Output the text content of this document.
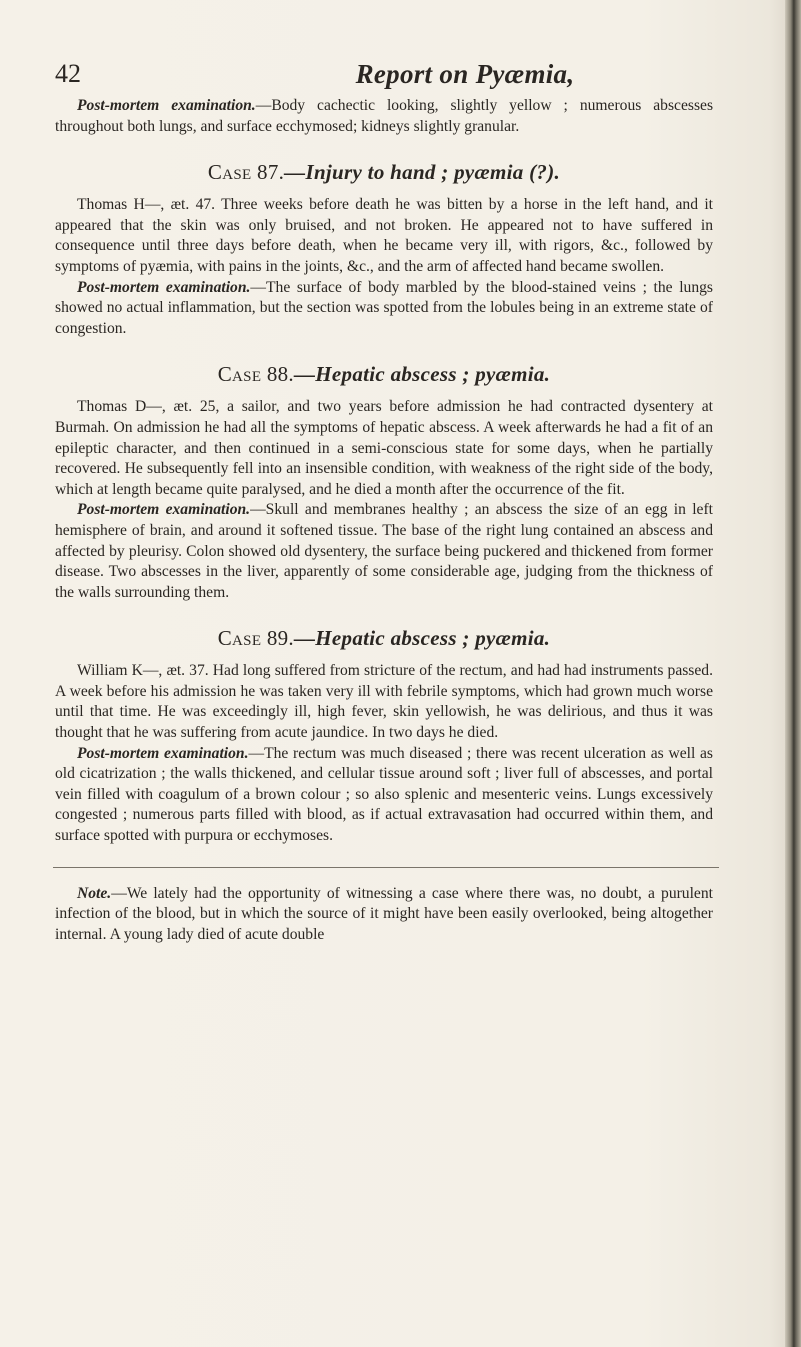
42	Report on Pyæmia,

Post-mortem examination.—Body cachectic looking, slightly yellow ; numerous abscesses throughout both lungs, and surface ecchymosed; kidneys slightly granular.

Case 87.—Injury to hand ; pyæmia (?).

Thomas H—, æt. 47. Three weeks before death he was bitten by a horse in the left hand, and it appeared that the skin was only bruised, and not broken. He appeared not to have suffered in consequence until three days before death, when he became very ill, with rigors, &c., followed by symptoms of pyæmia, with pains in the joints, &c., and the arm of affected hand became swollen.

Post-mortem examination.—The surface of body marbled by the blood-stained veins ; the lungs showed no actual inflammation, but the section was spotted from the lobules being in an extreme state of congestion.

Case 88.—Hepatic abscess ; pyæmia.

Thomas D—, æt. 25, a sailor, and two years before admission he had contracted dysentery at Burmah. On admission he had all the symptoms of hepatic abscess. A week afterwards he had a fit of an epileptic character, and then continued in a semi-conscious state for some days, when he partially recovered. He subsequently fell into an insensible condition, with weakness of the right side of the body, which at length became quite paralysed, and he died a month after the occurrence of the fit.

Post-mortem examination.—Skull and membranes healthy ; an abscess the size of an egg in left hemisphere of brain, and around it softened tissue. The base of the right lung contained an abscess and affected by pleurisy. Colon showed old dysentery, the surface being puckered and thickened from former disease. Two abscesses in the liver, apparently of some considerable age, judging from the thickness of the walls surrounding them.

Case 89.—Hepatic abscess ; pyæmia.

William K—, æt. 37. Had long suffered from stricture of the rectum, and had had instruments passed. A week before his admission he was taken very ill with febrile symptoms, which had grown much worse until that time. He was exceedingly ill, high fever, skin yellowish, he was delirious, and thus it was thought that he was suffering from acute jaundice. In two days he died.

Post-mortem examination.—The rectum was much diseased ; there was recent ulceration as well as old cicatrization ; the walls thickened, and cellular tissue around soft ; liver full of abscesses, and portal vein filled with coagulum of a brown colour ; so also splenic and mesenteric veins. Lungs excessively congested ; numerous parts filled with blood, as if actual extravasation had occurred within them, and surface spotted with purpura or ecchymoses.

Note.—We lately had the opportunity of witnessing a case where there was, no doubt, a purulent infection of the blood, but in which the source of it might have been easily overlooked, being altogether internal. A young lady died of acute double
